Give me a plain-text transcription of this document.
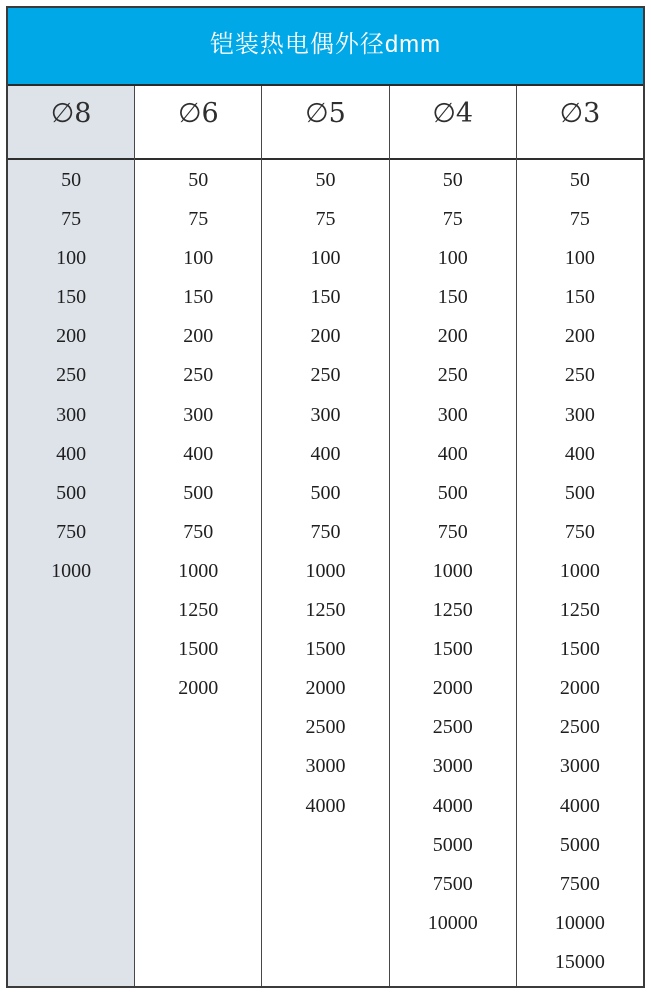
铠装热电偶外径dmm
∅8
50
75
100
150
200
250
300
400
500
750
1000
∅6
50
75
100
150
200
250
300
400
500
750
1000
1250
1500
2000
∅5
50
75
100
150
200
250
300
400
500
750
1000
1250
1500
2000
2500
3000
4000
∅4
50
75
100
150
200
250
300
400
500
750
1000
1250
1500
2000
2500
3000
4000
5000
7500
10000
∅3
50
75
100
150
200
250
300
400
500
750
1000
1250
1500
2000
2500
3000
4000
5000
7500
10000
15000
